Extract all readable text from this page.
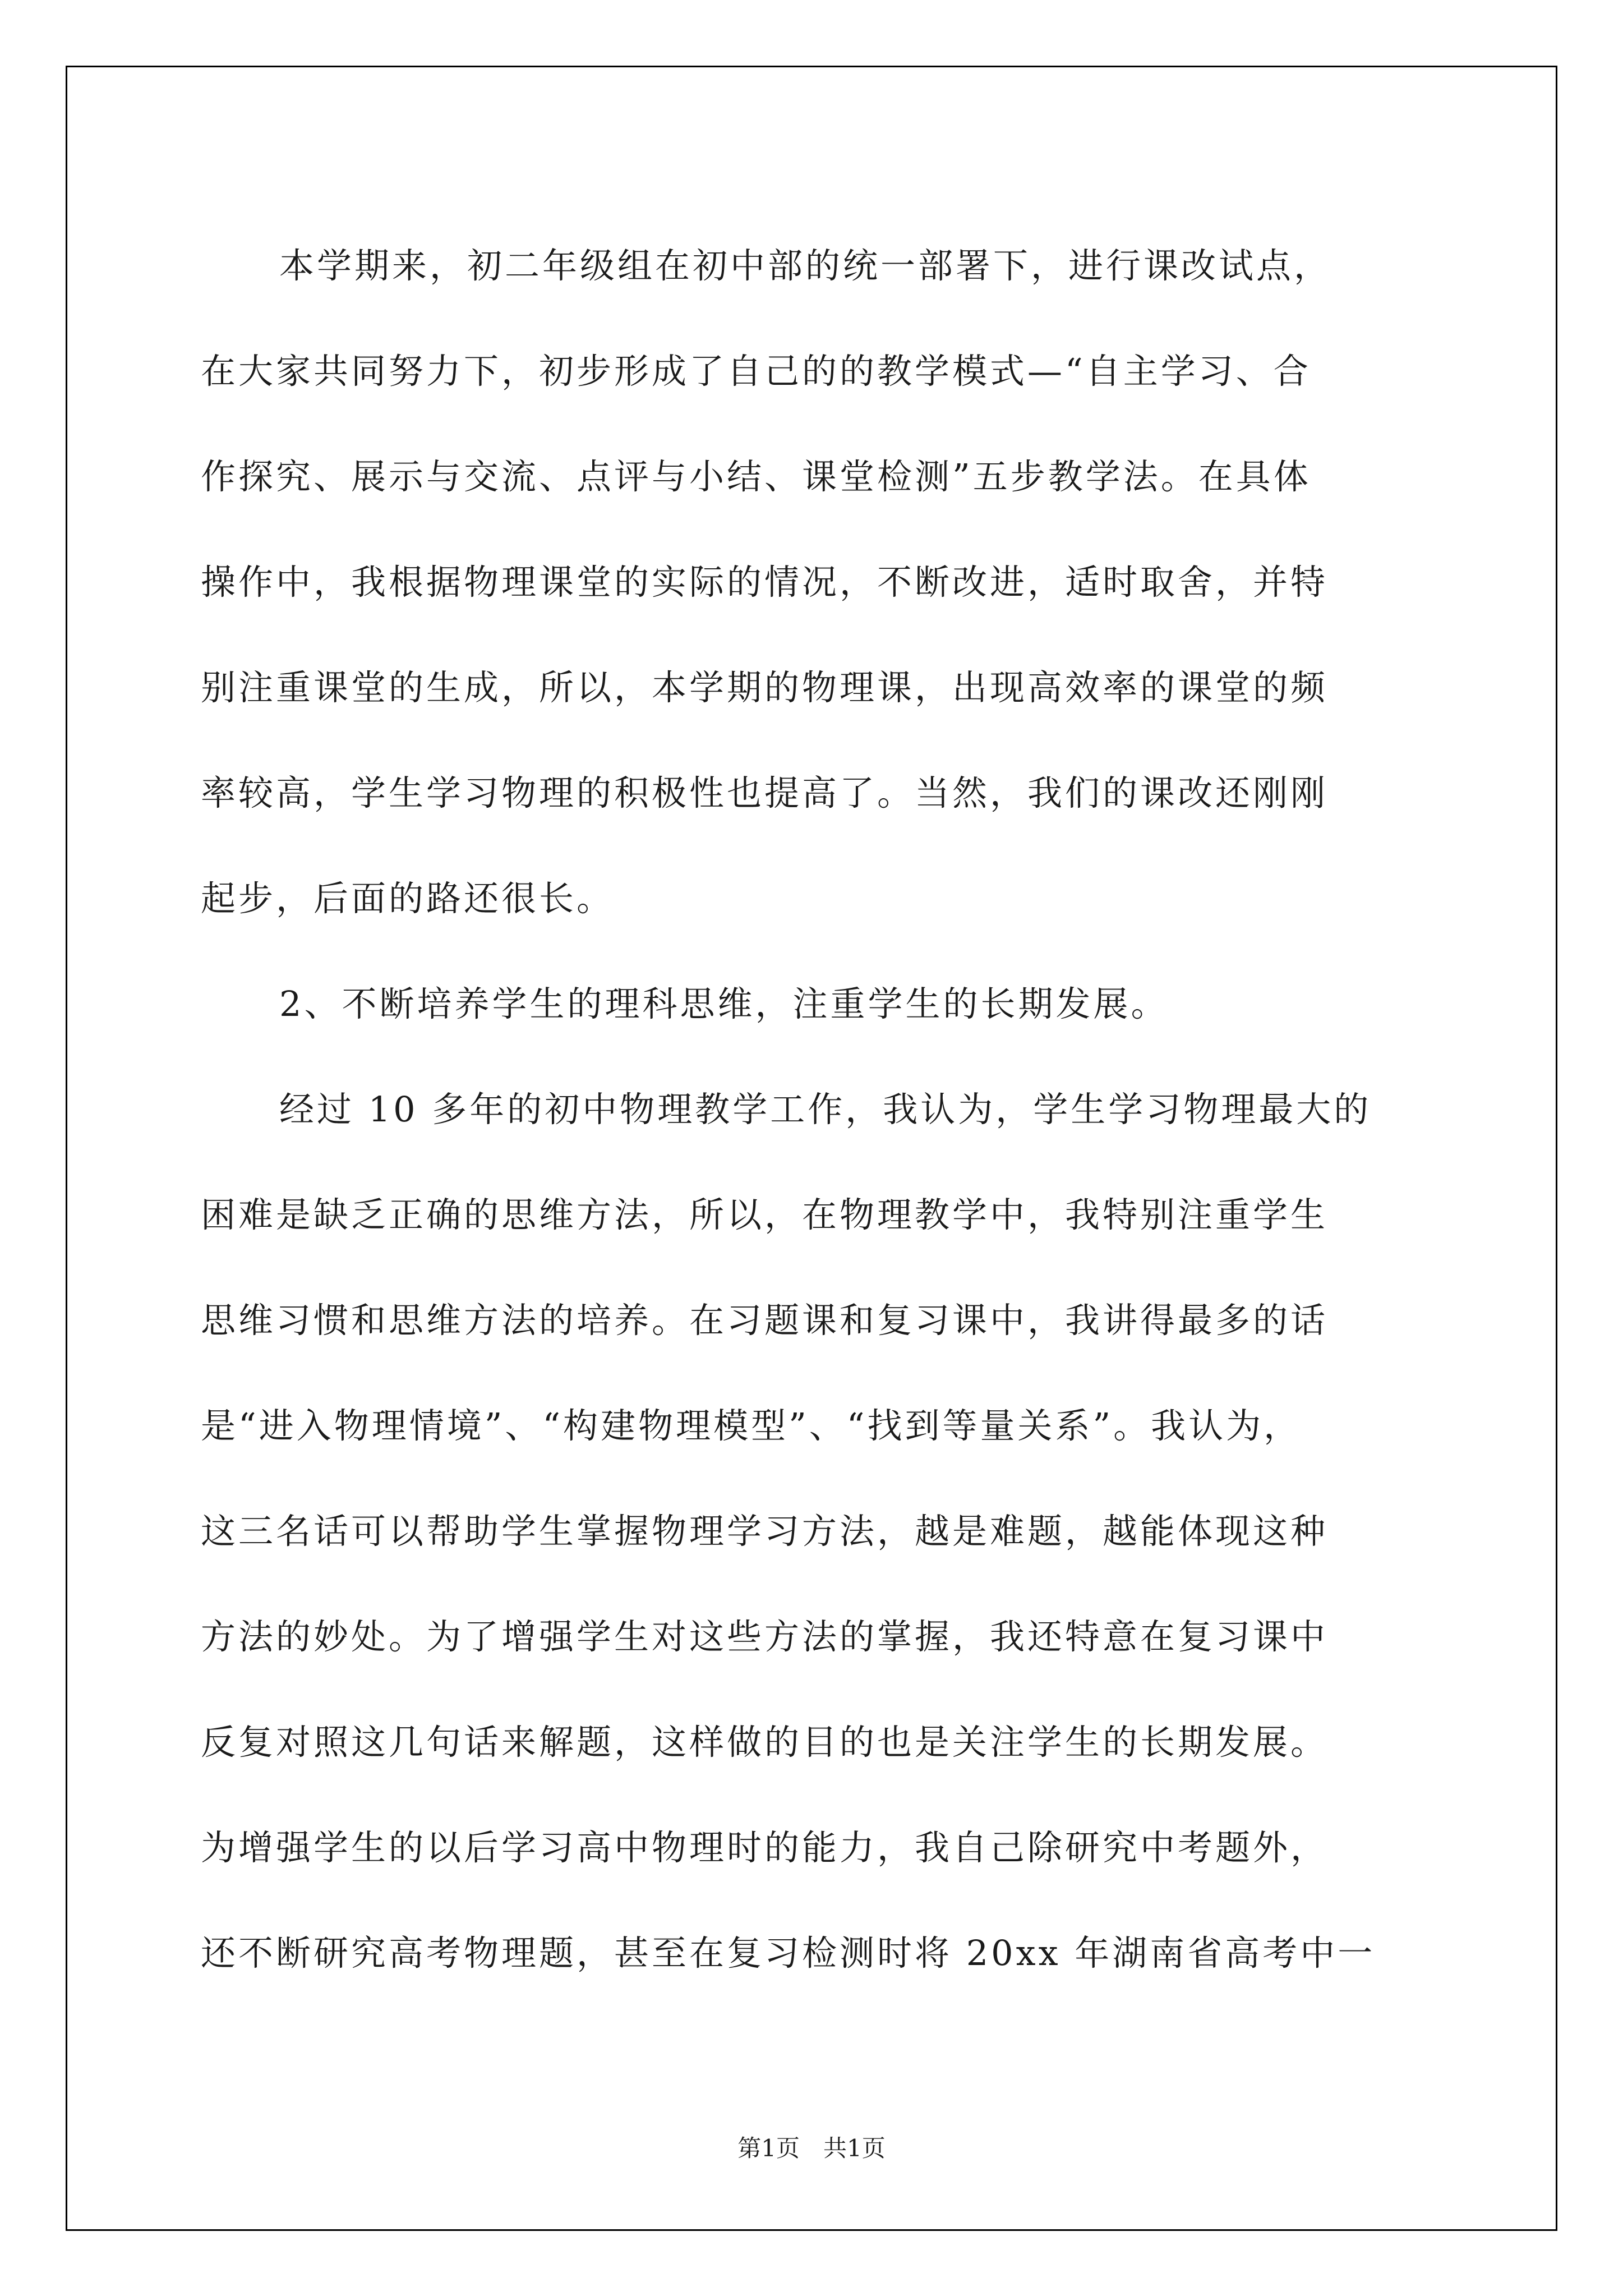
本学期来，初二年级组在初中部的统一部署下，进行课改试点，
在大家共同努力下，初步形成了自己的的教学模式—“自主学习、合
作探究、展示与交流、点评与小结、课堂检测”五步教学法。在具体
操作中，我根据物理课堂的实际的情况，不断改进，适时取舍，并特
别注重课堂的生成，所以，本学期的物理课，出现高效率的课堂的频
率较高，学生学习物理的积极性也提高了。当然，我们的课改还刚刚
起步，后面的路还很长。
2、不断培养学生的理科思维，注重学生的长期发展。
经过 10 多年的初中物理教学工作，我认为，学生学习物理最大的
困难是缺乏正确的思维方法，所以，在物理教学中，我特别注重学生
思维习惯和思维方法的培养。在习题课和复习课中，我讲得最多的话
是“进入物理情境”、“构建物理模型”、“找到等量关系”。我认为，
这三名话可以帮助学生掌握物理学习方法，越是难题，越能体现这种
方法的妙处。为了增强学生对这些方法的掌握，我还特意在复习课中
反复对照这几句话来解题，这样做的目的也是关注学生的长期发展。
为增强学生的以后学习高中物理时的能力，我自己除研究中考题外，
还不断研究高考物理题，甚至在复习检测时将 20xx 年湖南省高考中一
第1页　共1页
